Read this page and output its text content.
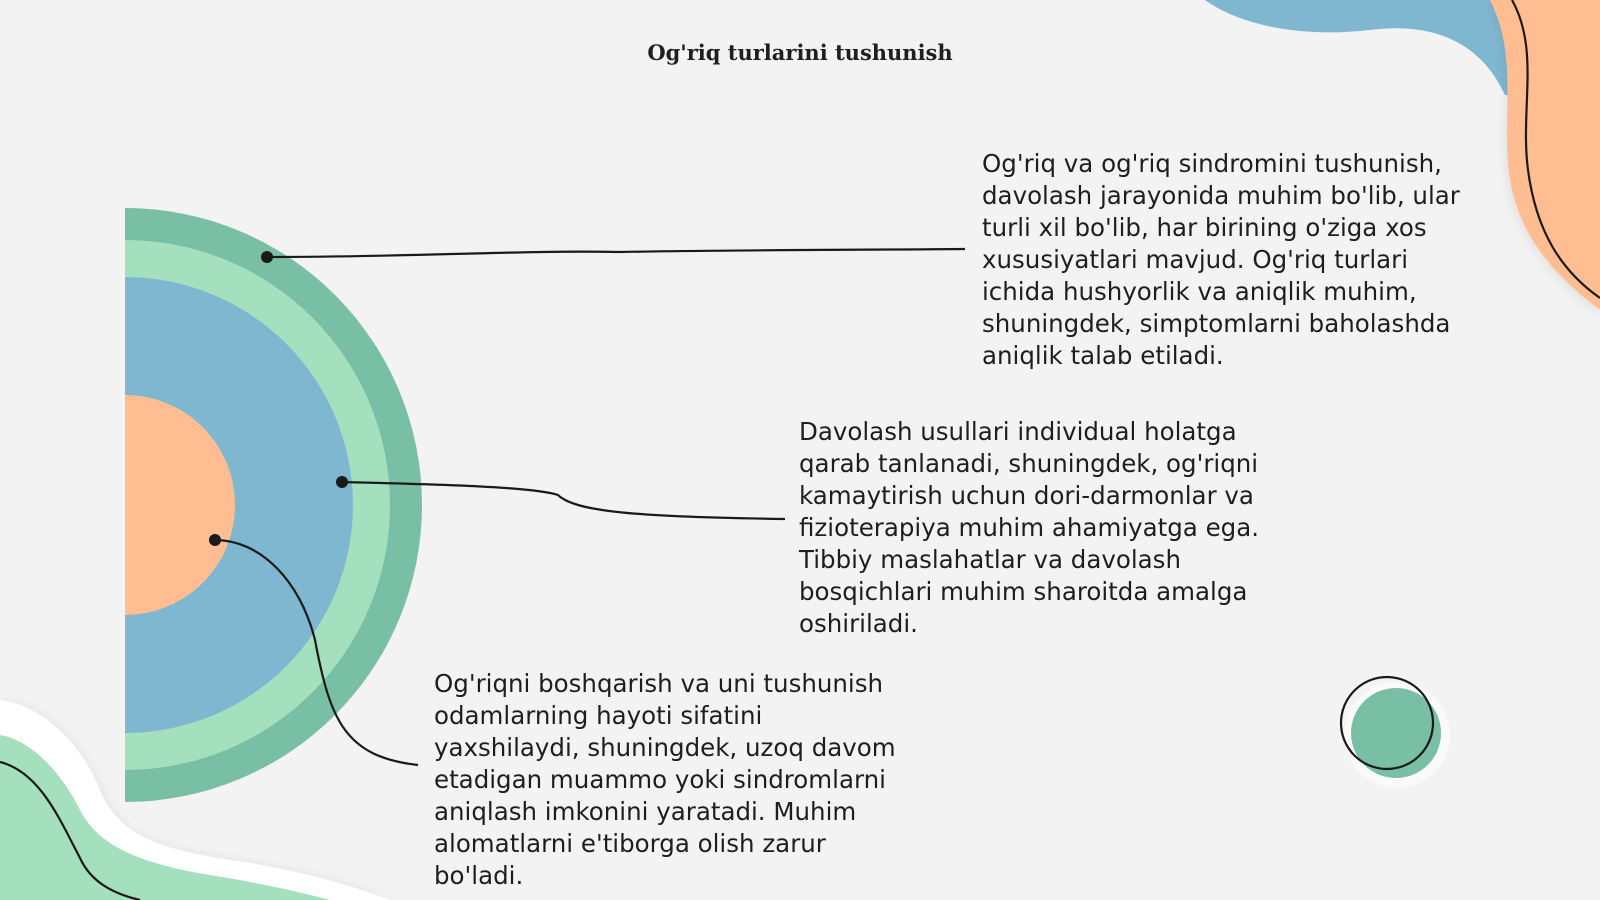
Og'riq turlarini tushunish

Og'riq va og'riq sindromini tushunish, davolash jarayonida muhim bo'lib, ular turli xil bo'lib, har birining o'ziga xos xususiyatlari mavjud. Og'riq turlari ichida hushyorlik va aniqlik muhim, shuningdek, simptomlarni baholashda aniqlik talab etiladi.

Davolash usullari individual holatga qarab tanlanadi, shuningdek, og'riqni kamaytirish uchun dori-darmonlar va fizioterapiya muhim ahamiyatga ega. Tibbiy maslahatlar va davolash bosqichlari muhim sharoitda amalga oshiriladi.

Og'riqni boshqarish va uni tushunish odamlarning hayoti sifatini yaxshilaydi, shuningdek, uzoq davom etadigan muammo yoki sindromlarni aniqlash imkonini yaratadi. Muhim alomatlarni e'tiborga olish zarur bo'ladi.
